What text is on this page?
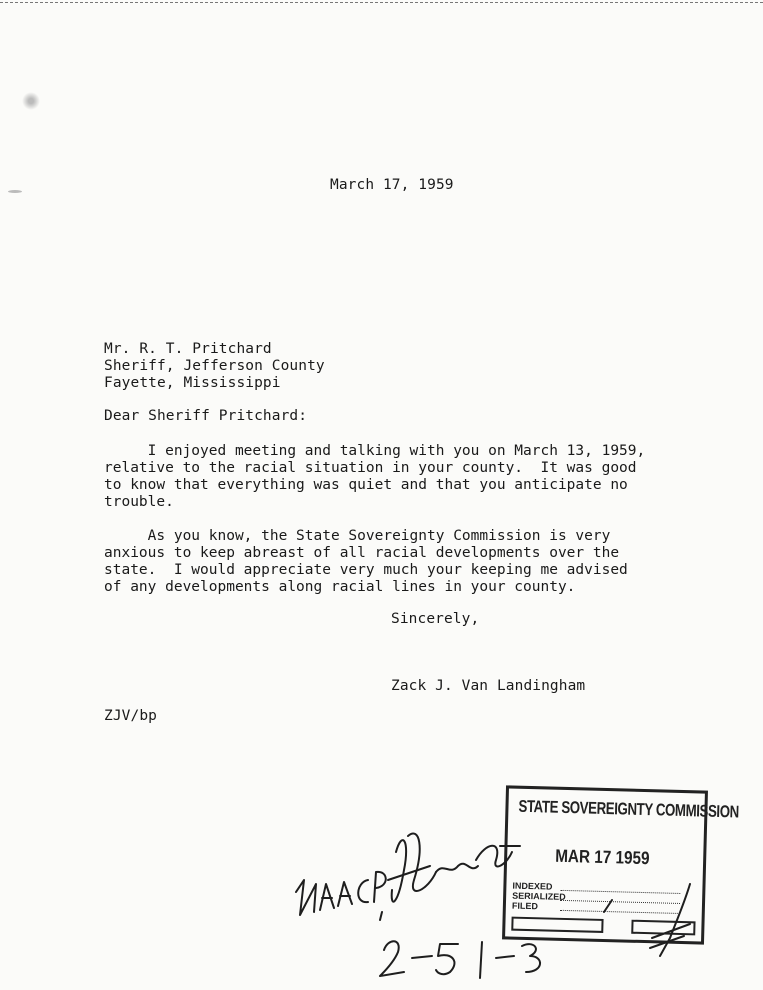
March 17, 1959
Mr. R. T. Pritchard
Sheriff, Jefferson County
Fayette, Mississippi
Dear Sheriff Pritchard:
I enjoyed meeting and talking with you on March 13, 1959,
relative to the racial situation in your county.  It was good
to know that everything was quiet and that you anticipate no
trouble.
As you know, the State Sovereignty Commission is very
anxious to keep abreast of all racial developments over the
state.  I would appreciate very much your keeping me advised
of any developments along racial lines in your county.
Sincerely,
Zack J. Van Landingham
ZJV/bp
STATE SOVEREIGNTY COMMISSION
MAR 17 1959
INDEXED
SERIALIZED
FILED
